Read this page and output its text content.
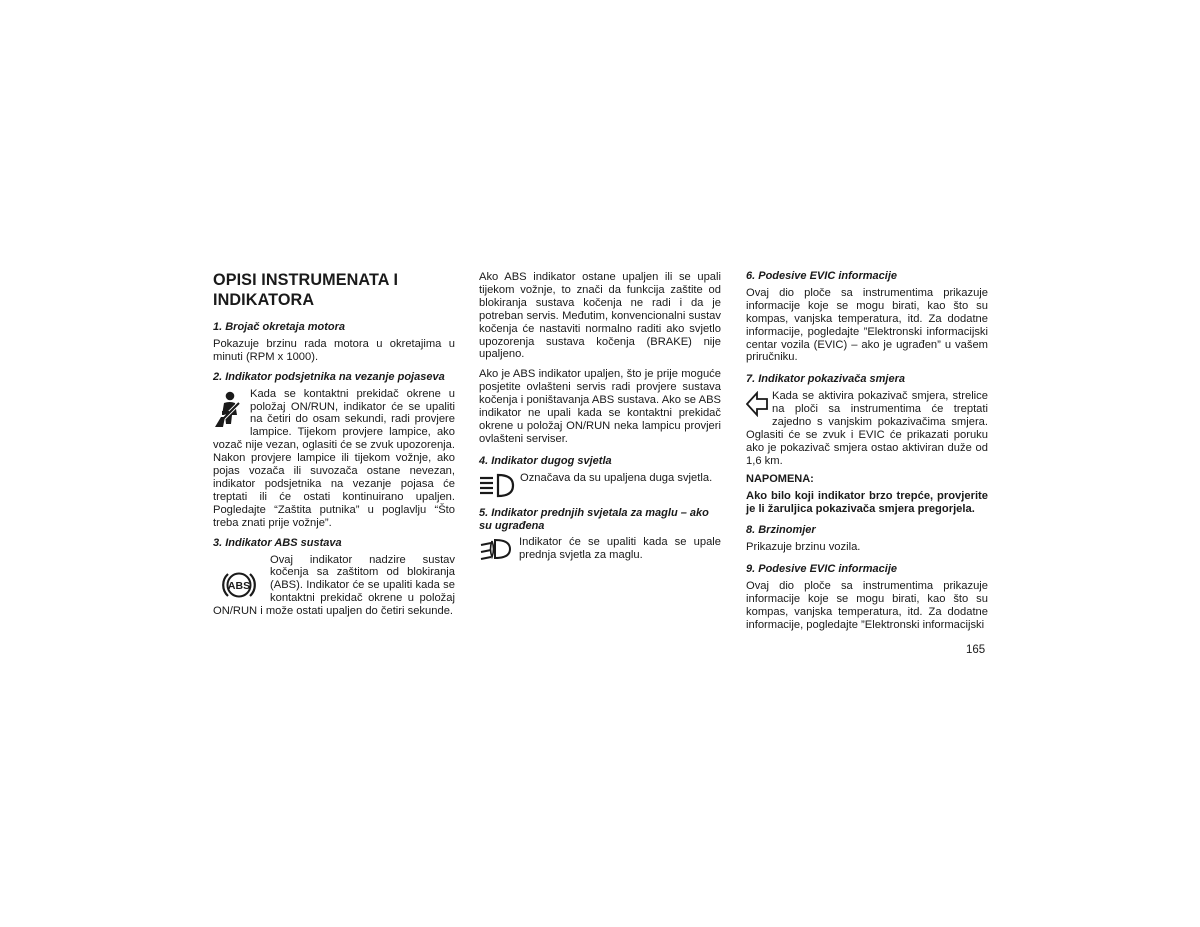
OPISI INSTRUMENATA I INDIKATORA
1. Brojač okretaja motora

Pokazuje brzinu rada motora u okretajima u minuti (RPM x 1000).

2. Indikator podsjetnika na vezanje pojaseva

Kada se kontaktni prekidač okrene u položaj ON/RUN, indikator će se upaliti na četiri do osam sekundi, radi provjere lampice. Tijekom provjere lampice, ako vozač nije vezan, oglasiti će se zvuk upozorenja. Nakon provjere lampice ili tijekom vožnje, ako pojas vozača ili suvozača ostane nevezan, indikator podsjetnika na vezanje pojasa će treptati ili će ostati kontinuirano upaljen. Pogledajte “Zaštita putnika” u poglavlju “Što treba znati prije vožnje”.

3. Indikator ABS sustava
ABS

Ovaj indikator nadzire sustav kočenja sa zaštitom od blokiranja (ABS). Indikator će se upaliti kada se kontaktni prekidač okrene u položaj ON/RUN i može ostati upaljen do četiri sekunde.

Ako ABS indikator ostane upaljen ili se upali tijekom vožnje, to znači da funkcija zaštite od blokiranja sustava kočenja ne radi i da je potreban servis. Međutim, konvencionalni sustav kočenja će nastaviti normalno raditi ako svjetlo upozorenja sustava kočenja (BRAKE) nije upaljeno.

Ako je ABS indikator upaljen, što je prije moguće posjetite ovlašteni servis radi provjere sustava kočenja i poništavanja ABS sustava. Ako se ABS indikator ne upali kada se kontaktni prekidač okrene u položaj ON/RUN neka lampicu provjeri ovlašteni serviser.

4. Indikator dugog svjetla

Označava da su upaljena duga svjetla.

5. Indikator prednjih svjetala za maglu – ako su ugrađena

Indikator će se upaliti kada se upale prednja svjetla za maglu.

6. Podesive EVIC informacije

Ovaj dio ploče sa instrumentima prikazuje informacije koje se mogu birati, kao što su kompas, vanjska temperatura, itd. Za dodatne informacije, pogledajte ”Elektronski informacijski centar vozila (EVIC) – ako je ugrađen” u vašem priručniku.

7. Indikator pokazivača smjera

Kada se aktivira pokazivač smjera, strelice na ploči sa instrumentima će treptati zajedno s vanjskim pokazivačima smjera. Oglasiti će se zvuk i EVIC će prikazati poruku ako je pokazivač smjera ostao aktiviran duže od 1,6 km.

NAPOMENA:

Ako bilo koji indikator brzo trepće, provjerite je li žaruljica pokazivača smjera pregorjela.

8. Brzinomjer

Prikazuje brzinu vozila.

9. Podesive EVIC informacije

Ovaj dio ploče sa instrumentima prikazuje informacije koje se mogu birati, kao što su kompas, vanjska temperatura, itd. Za dodatne informacije, pogledajte ”Elektronski informacijski

165
